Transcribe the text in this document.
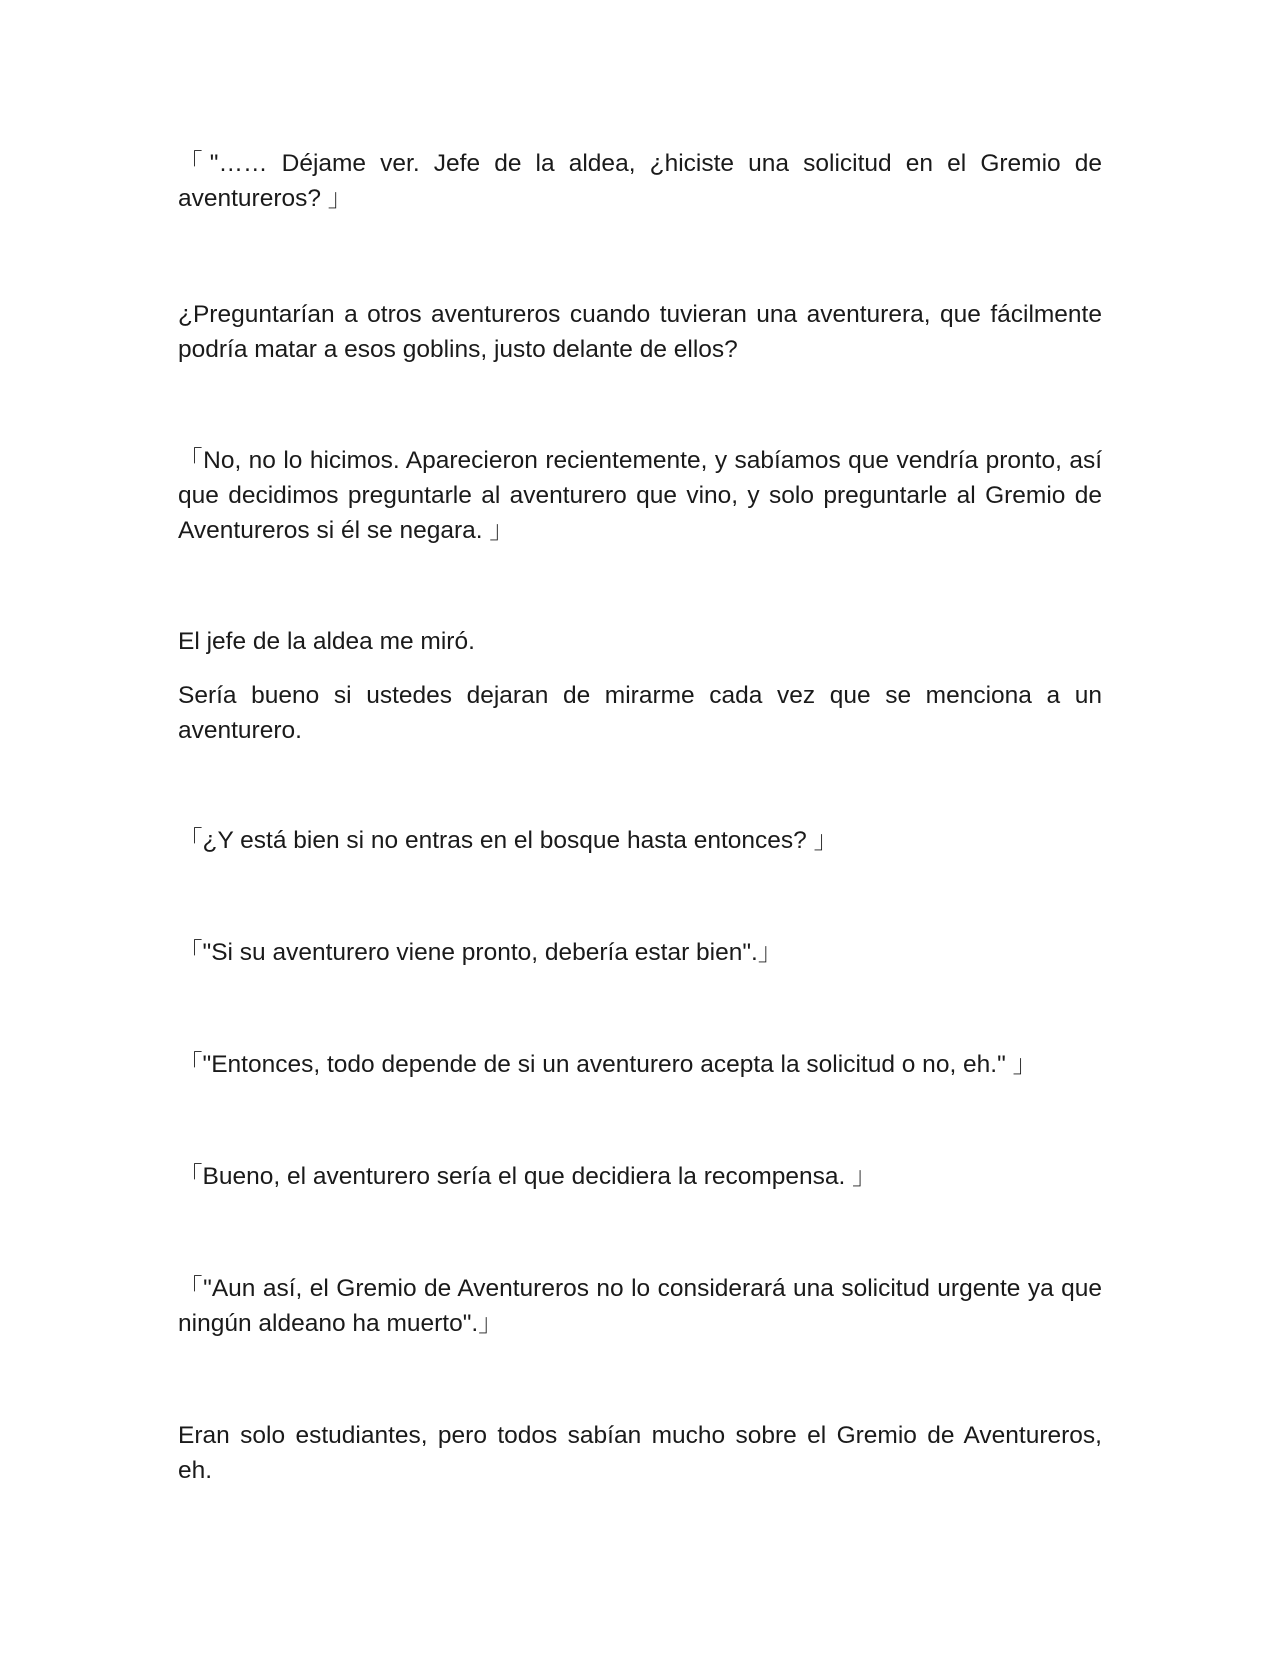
「"…… Déjame ver. Jefe de la aldea, ¿hiciste una solicitud en el Gremio de aventureros? 」

¿Preguntarían a otros aventureros cuando tuvieran una aventurera, que fácilmente podría matar a esos goblins, justo delante de ellos?

「No, no lo hicimos. Aparecieron recientemente, y sabíamos que vendría pronto, así que decidimos preguntarle al aventurero que vino, y solo preguntarle al Gremio de Aventureros si él se negara. 」

El jefe de la aldea me miró.

Sería bueno si ustedes dejaran de mirarme cada vez que se menciona a un aventurero.

「¿Y está bien si no entras en el bosque hasta entonces? 」

「"Si su aventurero viene pronto, debería estar bien".」

「"Entonces, todo depende de si un aventurero acepta la solicitud o no, eh." 」

「Bueno, el aventurero sería el que decidiera la recompensa. 」

「"Aun así, el Gremio de Aventureros no lo considerará una solicitud urgente ya que ningún aldeano ha muerto".」

Eran solo estudiantes, pero todos sabían mucho sobre el Gremio de Aventureros, eh.
